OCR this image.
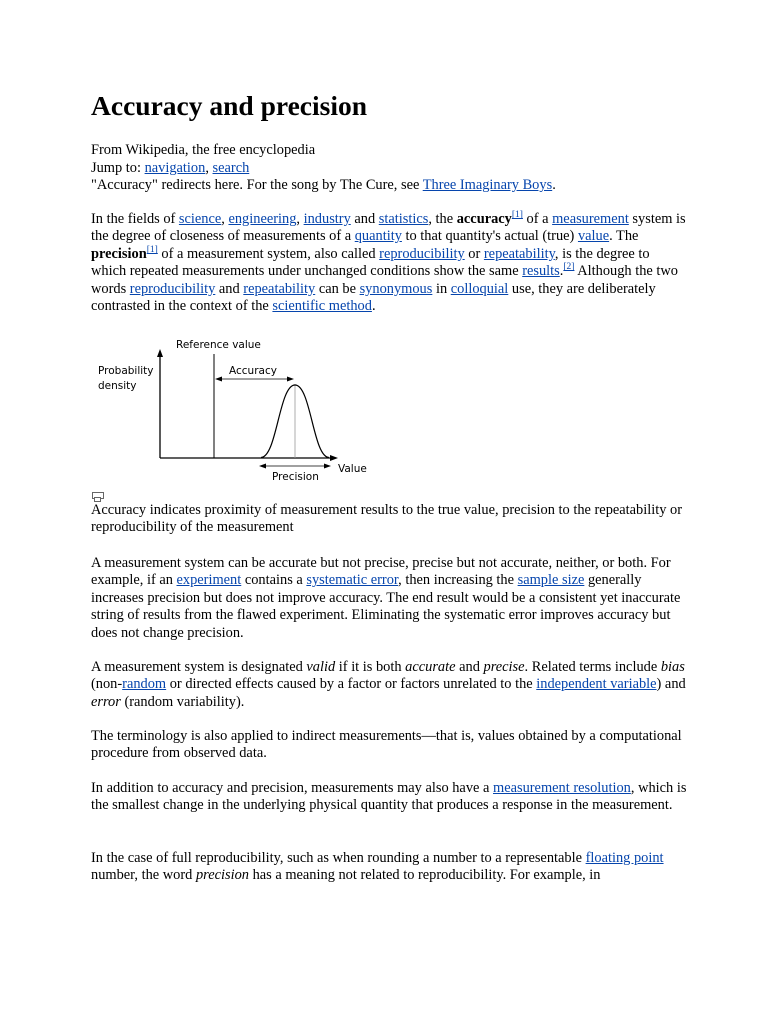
Accuracy and precision
From Wikipedia, the free encyclopedia
Jump to: navigation, search
"Accuracy" redirects here. For the song by The Cure, see Three Imaginary Boys.

In the fields of science, engineering, industry and statistics, the accuracy[1] of a measurement system is the degree of closeness of measurements of a quantity to that quantity's actual (true) value. The precision[1] of a measurement system, also called reproducibility or repeatability, is the degree to which repeated measurements under unchanged conditions show the same results.[2] Although the two words reproducibility and repeatability can be synonymous in colloquial use, they are deliberately contrasted in the context of the scientific method.

Reference value
Probability
density
Accuracy
Precision
Value

Accuracy indicates proximity of measurement results to the true value, precision to the repeatability or reproducibility of the measurement

A measurement system can be accurate but not precise, precise but not accurate, neither, or both. For example, if an experiment contains a systematic error, then increasing the sample size generally increases precision but does not improve accuracy. The end result would be a consistent yet inaccurate string of results from the flawed experiment. Eliminating the systematic error improves accuracy but does not change precision.

A measurement system is designated valid if it is both accurate and precise. Related terms include bias (non-random or directed effects caused by a factor or factors unrelated to the independent variable) and error (random variability).

The terminology is also applied to indirect measurements—that is, values obtained by a computational procedure from observed data.

In addition to accuracy and precision, measurements may also have a measurement resolution, which is the smallest change in the underlying physical quantity that produces a response in the measurement.

In the case of full reproducibility, such as when rounding a number to a representable floating point number, the word precision has a meaning not related to reproducibility. For example, in
